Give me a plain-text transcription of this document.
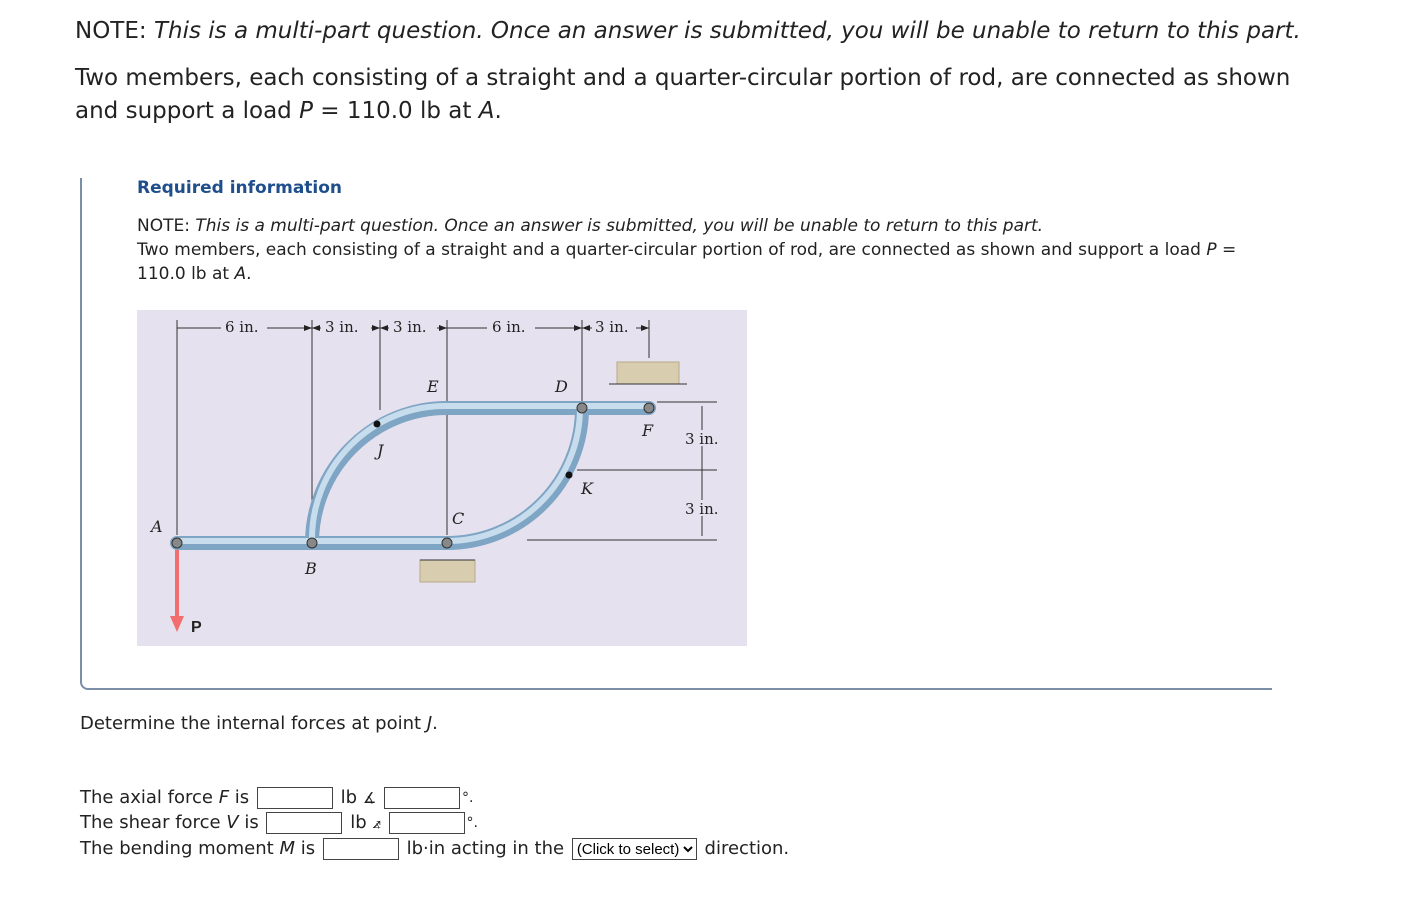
NOTE: This is a multi-part question. Once an answer is submitted, you will be unable to return to this part.

Two members, each consisting of a straight and a quarter-circular portion of rod, are connected as shown and support a load P = 110.0 lb at A.

Required information

NOTE: This is a multi-part question. Once an answer is submitted, you will be unable to return to this part.
Two members, each consisting of a straight and a quarter-circular portion of rod, are connected as shown and support a load P = 110.0 lb at A.

6 in.	3 in. 3 in.	6 in.	3 in.
3 in.
3 in.
A
B
C
D
E
F
J
K
P
Determine the internal forces at point J.
The axial force F is	lb ∡	°.
The shear force V is	lb ⦨	°.
The bending moment M is	lb·in acting in the
(Click to select)	direction.
